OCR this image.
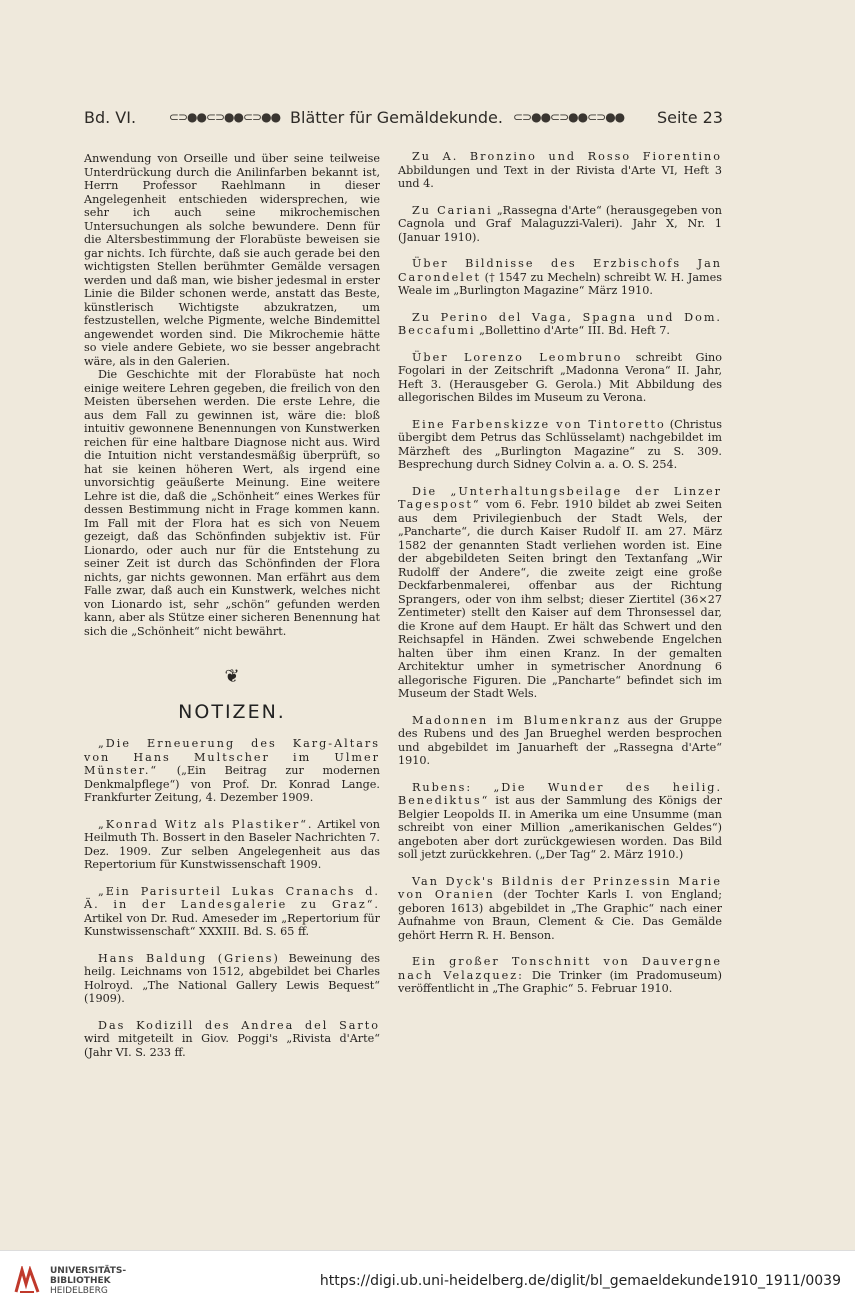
Bd. VI.	⊂⊃●●⊂⊃●●⊂⊃●● Blätter für Gemäldekunde. ⊂⊃●●⊂⊃●●⊂⊃●● Seite 23

Anwendung von Orseille und über seine teilweise Unterdrückung durch die Anilinfarben bekannt ist, Herrn Professor Raehlmann in dieser Angelegenheit entschieden widersprechen, wie sehr ich auch seine mikrochemischen Untersuchungen als solche bewundere. Denn für die Altersbestimmung der Florabüste beweisen sie gar nichts. Ich fürchte, daß sie auch gerade bei den wichtigsten Stellen berühmter Gemälde versagen werden und daß man, wie bisher jedesmal in erster Linie die Bilder schonen werde, anstatt das Beste, künstlerisch Wichtigste abzukratzen, um festzustellen, welche Pigmente, welche Bindemittel angewendet worden sind. Die Mikrochemie hätte so viele andere Gebiete, wo sie besser angebracht wäre, als in den Galerien.

Die Geschichte mit der Florabüste hat noch einige weitere Lehren gegeben, die freilich von den Meisten übersehen werden. Die erste Lehre, die aus dem Fall zu gewinnen ist, wäre die: bloß intuitiv gewonnene Benennungen von Kunstwerken reichen für eine haltbare Diagnose nicht aus. Wird die Intuition nicht verstandesmäßig überprüft, so hat sie keinen höheren Wert, als irgend eine unvorsichtig geäußerte Meinung. Eine weitere Lehre ist die, daß die „Schönheit“ eines Werkes für dessen Bestimmung nicht in Frage kommen kann. Im Fall mit der Flora hat es sich von Neuem gezeigt, daß das Schönfinden subjektiv ist. Für Lionardo, oder auch nur für die Entstehung zu seiner Zeit ist durch das Schönfinden der Flora nichts, gar nichts gewonnen. Man erfährt aus dem Falle zwar, daß auch ein Kunstwerk, welches nicht von Lionardo ist, sehr „schön“ gefunden werden kann, aber als Stütze einer sicheren Benennung hat sich die „Schönheit“ nicht bewährt.

❦
NOTIZEN.

„Die Erneuerung des Karg-Altars von Hans Multscher im Ulmer Münster.“ („Ein Beitrag zur modernen Denkmalpflege“) von Prof. Dr. Konrad Lange. Frankfurter Zeitung, 4. Dezember 1909.

„Konrad Witz als Plastiker“. Artikel von Heilmuth Th. Bossert in den Baseler Nachrichten 7. Dez. 1909. Zur selben Angelegenheit aus das Repertorium für Kunstwissenschaft 1909.

„Ein Parisurteil Lukas Cranachs d. Ä. in der Landesgalerie zu Graz“. Artikel von Dr. Rud. Ameseder im „Repertorium für Kunstwissenschaft“ XXXIII. Bd. S. 65 ff.

Hans Baldung (Griens) Beweinung des heilg. Leichnams von 1512, abgebildet bei Charles Holroyd. „The National Gallery Lewis Bequest“ (1909).

Das Kodizill des Andrea del Sarto wird mitgeteilt in Giov. Poggi's „Rivista d'Arte“ (Jahr VI. S. 233 ff.

Zu A. Bronzino und Rosso Fiorentino Abbildungen und Text in der Rivista d'Arte VI, Heft 3 und 4.

Zu Cariani „Rassegna d'Arte“ (herausgegeben von Cagnola und Graf Malaguzzi-Valeri). Jahr X, Nr. 1 (Januar 1910).

Über Bildnisse des Erzbischofs Jan Carondelet († 1547 zu Mecheln) schreibt W. H. James Weale im „Burlington Magazine“ März 1910.

Zu Perino del Vaga, Spagna und Dom. Beccafumi „Bollettino d'Arte“ III. Bd. Heft 7.

Über Lorenzo Leombruno schreibt Gino Fogolari in der Zeitschrift „Madonna Verona“ II. Jahr, Heft 3. (Herausgeber G. Gerola.) Mit Abbildung des allegorischen Bildes im Museum zu Verona.

Eine Farbenskizze von Tintoretto (Christus übergibt dem Petrus das Schlüsselamt) nachgebildet im Märzheft des „Burlington Magazine“ zu S. 309. Besprechung durch Sidney Colvin a. a. O. S. 254.

Die „Unterhaltungsbeilage der Linzer Tagespost“ vom 6. Febr. 1910 bildet ab zwei Seiten aus dem Privilegienbuch der Stadt Wels, der „Pancharte“, die durch Kaiser Rudolf II. am 27. März 1582 der genannten Stadt verliehen worden ist. Eine der abgebildeten Seiten bringt den Textanfang „Wir Rudolff der Andere“, die zweite zeigt eine große Deckfarbenmalerei, offenbar aus der Richtung Sprangers, oder von ihm selbst; dieser Ziertitel (36×27 Zentimeter) stellt den Kaiser auf dem Thronsessel dar, die Krone auf dem Haupt. Er hält das Schwert und den Reichsapfel in Händen. Zwei schwebende Engelchen halten über ihm einen Kranz. In der gemalten Architektur umher in symetrischer Anordnung 6 allegorische Figuren. Die „Pancharte“ befindet sich im Museum der Stadt Wels.

Madonnen im Blumenkranz aus der Gruppe des Rubens und des Jan Brueghel werden besprochen und abgebildet im Januarheft der „Rassegna d'Arte“ 1910.

Rubens: „Die Wunder des heilig. Benediktus“ ist aus der Sammlung des Königs der Belgier Leopolds II. in Amerika um eine Unsumme (man schreibt von einer Million „amerikanischen Geldes“) angeboten aber dort zurückgewiesen worden. Das Bild soll jetzt zurückkehren. („Der Tag“ 2. März 1910.)

Van Dyck's Bildnis der Prinzessin Marie von Oranien (der Tochter Karls I. von England; geboren 1613) abgebildet in „The Graphic“ nach einer Aufnahme von Braun, Clement & Cie. Das Gemälde gehört Herrn R. H. Benson.

Ein großer Tonschnitt von Dauvergne nach Velazquez: Die Trinker (im Pradomuseum) veröffentlicht in „The Graphic“ 5. Februar 1910.

UNIVERSITÄTS-
BIBLIOTHEK
HEIDELBERG
https://digi.ub.uni-heidelberg.de/diglit/bl_gemaeldekunde1910_1911/0039
